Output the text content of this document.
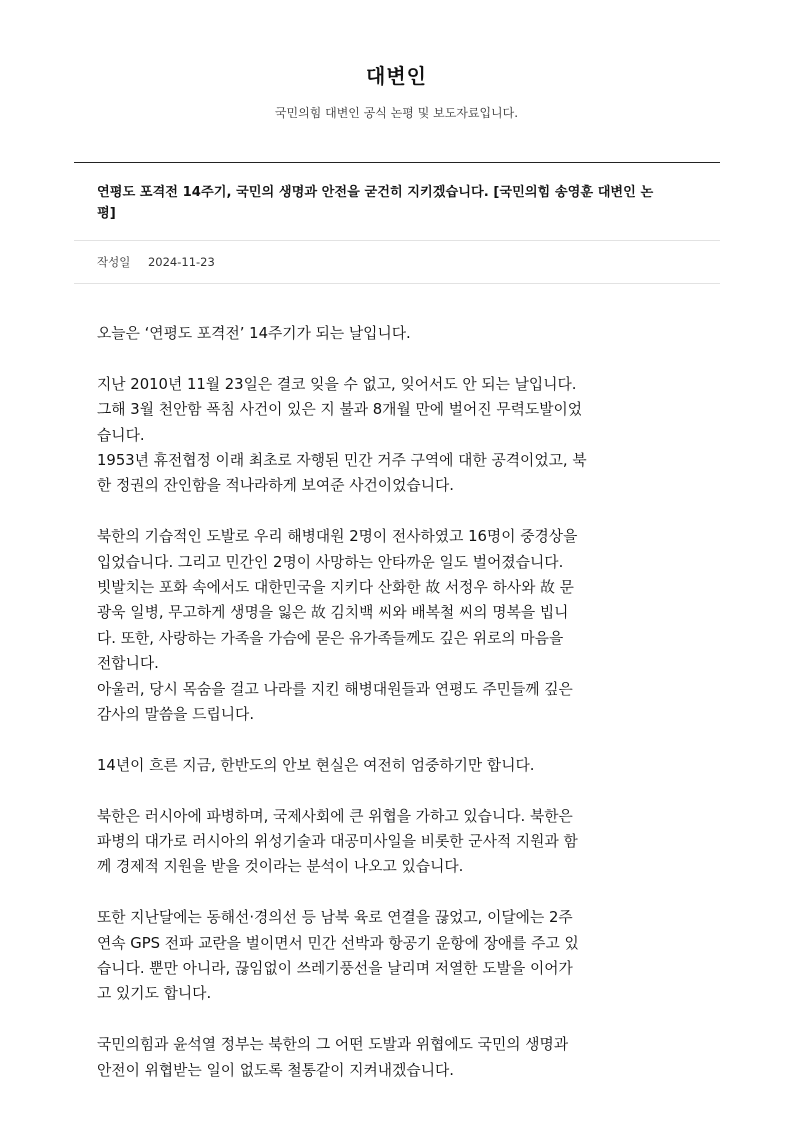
대변인
국민의힘 대변인 공식 논평 및 보도자료입니다.
연평도 포격전 14주기, 국민의 생명과 안전을 굳건히 지키겠습니다. [국민의힘 송영훈 대변인 논
평]
작성일 2024-11-23

오늘은 ‘연평도 포격전’ 14주기가 되는 날입니다.

지난 2010년 11월 23일은 결코 잊을 수 없고, 잊어서도 안 되는 날입니다.
그해 3월 천안함 폭침 사건이 있은 지 불과 8개월 만에 벌어진 무력도발이었
습니다.
1953년 휴전협정 이래 최초로 자행된 민간 거주 구역에 대한 공격이었고, 북
한 정권의 잔인함을 적나라하게 보여준 사건이었습니다.

북한의 기습적인 도발로 우리 해병대원 2명이 전사하였고 16명이 중경상을
입었습니다. 그리고 민간인 2명이 사망하는 안타까운 일도 벌어졌습니다.
빗발치는 포화 속에서도 대한민국을 지키다 산화한 故 서정우 하사와 故 문
광욱 일병, 무고하게 생명을 잃은 故 김치백 씨와 배복철 씨의 명복을 빕니
다. 또한, 사랑하는 가족을 가슴에 묻은 유가족들께도 깊은 위로의 마음을
전합니다.
아울러, 당시 목숨을 걸고 나라를 지킨 해병대원들과 연평도 주민들께 깊은
감사의 말씀을 드립니다.

14년이 흐른 지금, 한반도의 안보 현실은 여전히 엄중하기만 합니다.

북한은 러시아에 파병하며, 국제사회에 큰 위협을 가하고 있습니다. 북한은
파병의 대가로 러시아의 위성기술과 대공미사일을 비롯한 군사적 지원과 함
께 경제적 지원을 받을 것이라는 분석이 나오고 있습니다.

또한 지난달에는 동해선·경의선 등 남북 육로 연결을 끊었고, 이달에는 2주
연속 GPS 전파 교란을 벌이면서 민간 선박과 항공기 운항에 장애를 주고 있
습니다. 뿐만 아니라, 끊임없이 쓰레기풍선을 날리며 저열한 도발을 이어가
고 있기도 합니다.

국민의힘과 윤석열 정부는 북한의 그 어떤 도발과 위협에도 국민의 생명과
안전이 위협받는 일이 없도록 철통같이 지켜내겠습니다.
